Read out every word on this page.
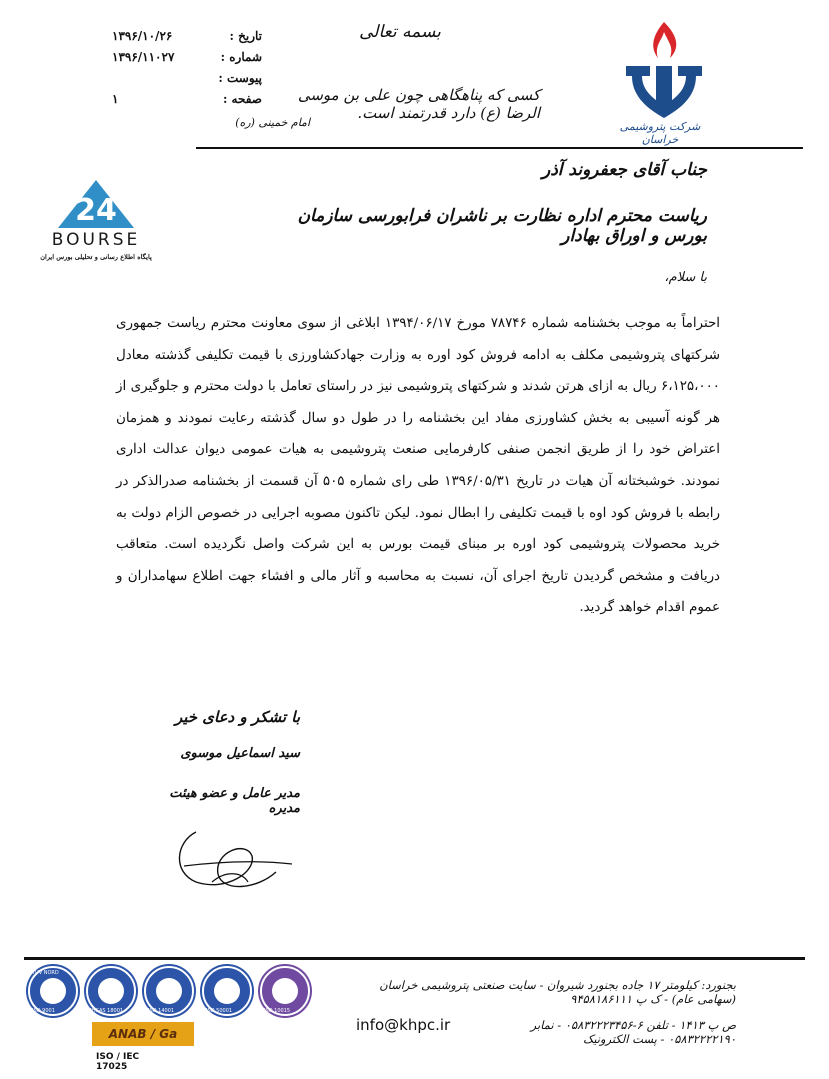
تاریخ :
۱۳۹۶/۱۰/۲۶
شماره :
۱۳۹۶/۱۱۰۲۷
پیوست :
صفحه :
۱
بسمه تعالی
کسی که پناهگاهی چون علی بن موسی الرضا (ع) دارد قدرتمند است.
امام خمینی (ره)	شرکت پتروشیمی خراسان
جناب آقای جعفروند آذر
ریاست محترم اداره نظارت بر ناشران فرابورسی سازمان بورس و اوراق بهادار
24
BOURSE
پایگاه اطلاع رسانی و تحلیلی بورس ایران
با سلام،
احتراماً به موجب بخشنامه شماره ۷۸۷۴۶ مورخ ۱۳۹۴/۰۶/۱۷ ابلاغی از سوی معاونت محترم ریاست جمهوری شرکتهای پتروشیمی مکلف به ادامه فروش کود اوره به وزارت جهادکشاورزی با قیمت تکلیفی گذشته معادل ۶،۱۲۵،۰۰۰ ریال به ازای هرتن شدند و شرکتهای پتروشیمی نیز در راستای تعامل با دولت محترم و جلوگیری از هر گونه آسیبی به بخش کشاورزی مفاد این بخشنامه را در طول دو سال گذشته رعایت نمودند و همزمان اعتراض خود را از طریق انجمن صنفی کارفرمایی صنعت پتروشیمی به هیات عمومی دیوان عدالت اداری نمودند. خوشبختانه آن هیات در تاریخ ۱۳۹۶/۰۵/۳۱ طی رای شماره ۵۰۵ آن قسمت از بخشنامه صدرالذکر در رابطه با فروش کود اوه با قیمت تکلیفی را ابطال نمود. لیکن تاکنون مصوبه اجرایی در خصوص الزام دولت به خرید محصولات پتروشیمی کود اوره بر مبنای قیمت بورس به این شرکت واصل نگردیده است. متعاقب دریافت و مشخص گردیدن تاریخ اجرای آن، نسبت به محاسبه و آثار مالی و افشاء جهت اطلاع سهامداران و عموم اقدام خواهد گردید.
با تشکر و دعای خیر
سید اسماعیل موسوی
مدیر عامل و عضو هیئت مدیره
TUV NORD
ISO 9001	OHSAS 18001	ISO 14001	ISO 50001	ISO 10015
ANAB / Ga
ISO / IEC 17025
بجنورد: کیلومتر ۱۷ جاده بجنورد شیروان - سایت صنعتی پتروشیمی خراسان (سهامی عام) - ک پ ۹۴۵۸۱۸۶۱۱۱
ص پ ۱۴۱۳ - تلفن ۶-۰۵۸۳۲۲۲۳۴۵۶ - نمابر ۰۵۸۳۲۲۲۲۱۹۰ - پست الکترونیک
info@khpc.ir
